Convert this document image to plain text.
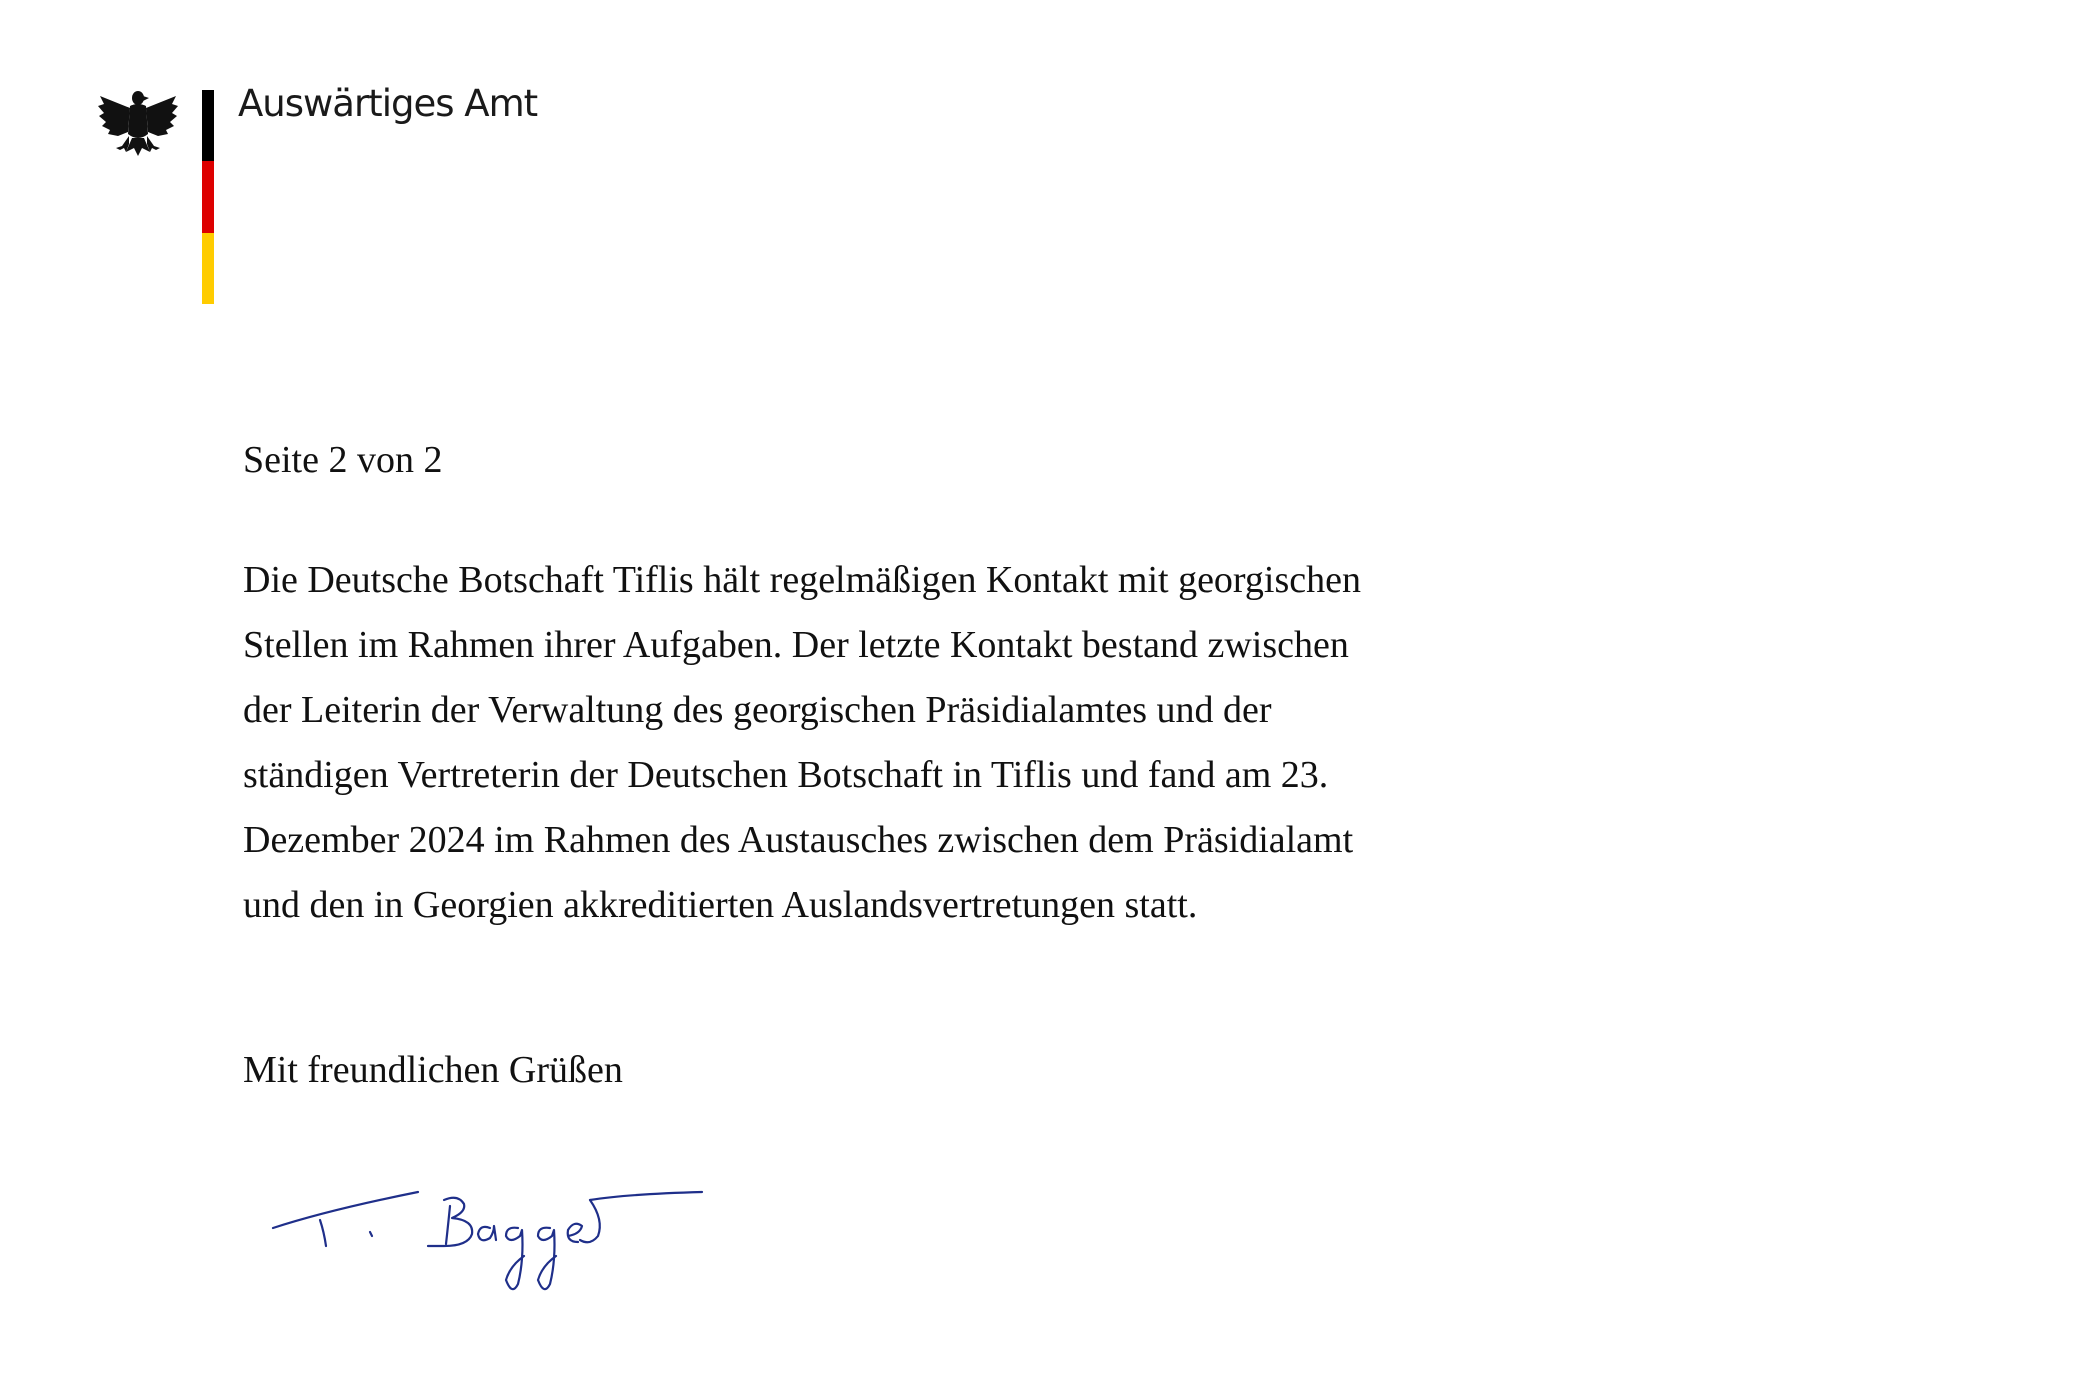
Auswärtiges Amt
Seite 2 von 2
Die Deutsche Botschaft Tiflis hält regelmäßigen Kontakt mit georgischen
Stellen im Rahmen ihrer Aufgaben. Der letzte Kontakt bestand zwischen
der Leiterin der Verwaltung des georgischen Präsidialamtes und der
ständigen Vertreterin der Deutschen Botschaft in Tiflis und fand am 23.
Dezember 2024 im Rahmen des Austausches zwischen dem Präsidialamt
und den in Georgien akkreditierten Auslandsvertretungen statt.
Mit freundlichen Grüßen
